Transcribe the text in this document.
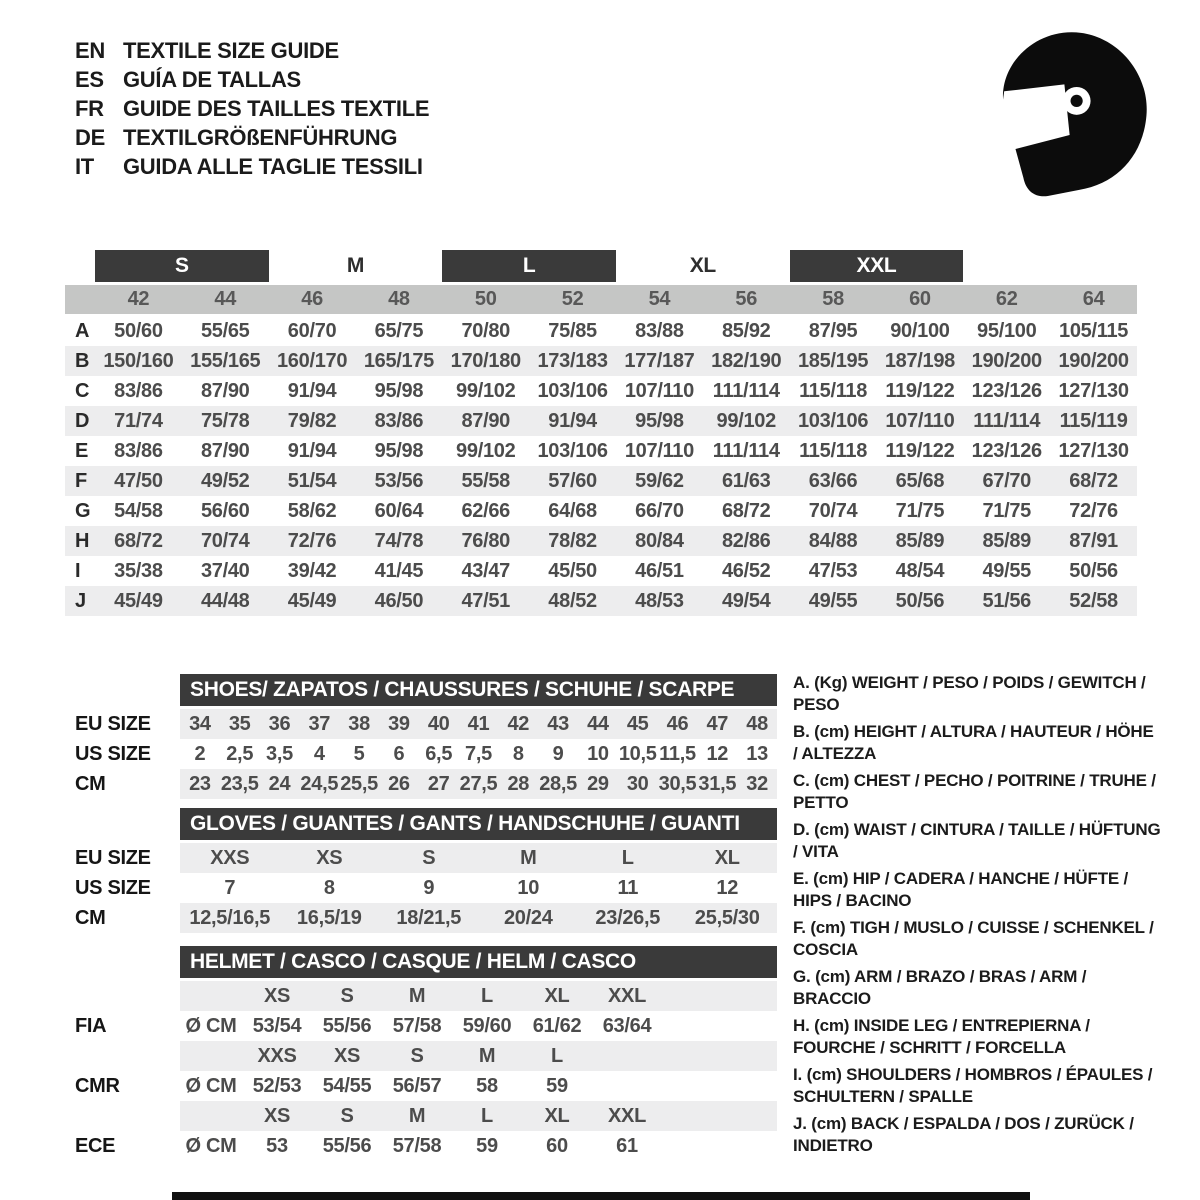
EN TEXTILE SIZE GUIDE
ES GUÍA DE TALLAS
FR GUIDE DES TAILLES TEXTILE
DE TEXTILGRÖßENFÜHRUNG
IT	GUIDA ALLE TAGLIE TESSILI
S	M	L	XL	XXL
42	44	46	48	50	52	54	56	58	60	62	64
A	50/60	55/65	60/70	65/75	70/80	75/85	83/88	85/92	87/95	90/100	95/100	105/115
B 150/160 155/165 160/170 165/175 170/180 173/183 177/187 182/190 185/195 187/198 190/200 190/200
C	83/86	87/90	91/94	95/98	99/102	103/106 107/110 111/114 115/118 119/122 123/126 127/130
D	71/74	75/78	79/82	83/86	87/90	91/94	95/98	99/102	103/106 107/110 111/114 115/119
E	83/86	87/90	91/94	95/98	99/102	103/106 107/110 111/114 115/118 119/122 123/126 127/130
F	47/50	49/52	51/54	53/56	55/58	57/60	59/62	61/63	63/66	65/68	67/70	68/72
G	54/58	56/60	58/62	60/64	62/66	64/68	66/70	68/72	70/74	71/75	71/75	72/76
H	68/72	70/74	72/76	74/78	76/80	78/82	80/84	82/86	84/88	85/89	85/89	87/91
I	35/38	37/40	39/42	41/45	43/47	45/50	46/51	46/52	47/53	48/54	49/55	50/56
J	45/49	44/48	45/49	46/50	47/51	48/52	48/53	49/54	49/55	50/56	51/56	52/58
SHOES/ ZAPATOS / CHAUSSURES / SCHUHE / SCARPE
EU SIZE	34 35 36 37 38 39 40 41 42 43 44 45 46 47 48
US SIZE	2	2,5 3,5	4	5	6	6,5 7,5	8	9	10 10,5 11,5 12 13
CM	23 23,5 24 24,5 25,5 26 27 27,5 28 28,5 29 30 30,5 31,5 32
GLOVES / GUANTES / GANTS / HANDSCHUHE / GUANTI
EU SIZE	XXS	XS	S	M	L	XL
US SIZE	7	8	9	10	11	12
CM	12,5/16,5	16,5/19	18/21,5	20/24	23/26,5	25,5/30
HELMET / CASCO / CASQUE / HELM / CASCO
XS	S	M	L	XL	XXL
FIA	Ø CM 53/54	55/56	57/58	59/60	61/62	63/64
XXS	XS	S	M	L
CMR	Ø CM 52/53	54/55	56/57	58	59
XS	S	M	L	XL	XXL
ECE	Ø CM	53	55/56	57/58	59	60	61
A. (Kg) WEIGHT / PESO / POIDS / GEWITCH / PESO
B. (cm) HEIGHT / ALTURA / HAUTEUR / HÖHE / ALTEZZA
C. (cm) CHEST / PECHO / POITRINE / TRUHE / PETTO
D. (cm) WAIST / CINTURA / TAILLE / HÜFTUNG / VITA
E. (cm) HIP / CADERA / HANCHE / HÜFTE / HIPS / BACINO
F. (cm) TIGH / MUSLO / CUISSE / SCHENKEL / COSCIA
G. (cm) ARM / BRAZO / BRAS / ARM / BRACCIO
H. (cm) INSIDE LEG / ENTREPIERNA / FOURCHE / SCHRITT / FORCELLA
I. (cm) SHOULDERS / HOMBROS / ÉPAULES / SCHULTERN / SPALLE
J. (cm) BACK / ESPALDA / DOS / ZURÜCK / INDIETRO
